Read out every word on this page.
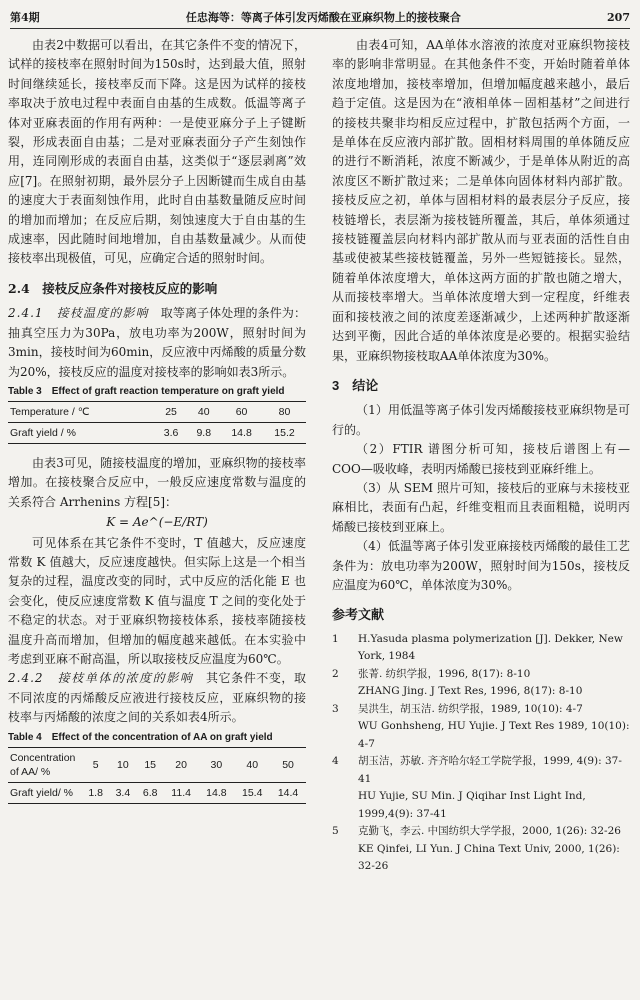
第4期	任忠海等：等离子体引发丙烯酸在亚麻织物上的接枝聚合	207

由表2中数据可以看出，在其它条件不变的情况下，试样的接枝率在照射时间为150s时，达到最大值，照射时间继续延长，接枝率反而下降。这是因为试样的接枝率取决于放电过程中表面自由基的生成数。低温等离子体对亚麻表面的作用有两种：一是使亚麻分子上子键断裂，形成表面自由基；二是对亚麻表面分子产生刻蚀作用，连同刚形成的表面自由基，这类似于“逐层剥离”效应[7]。在照射初期，最外层分子上因断键而生成自由基的速度大于表面刻蚀作用，此时自由基数量随反应时间的增加而增加；在反应后期，刻蚀速度大于自由基的生成速率，因此随时间地增加，自由基数量减少。从而使接枝率出现极值，可见，应确定合适的照射时间。

2.4　接枝反应条件对接枝反应的影响

2.4.1　接枝温度的影响　取等离子体处理的条件为：抽真空压力为30Pa，放电功率为200W，照射时间为3min，接枝时间为60min，反应液中丙烯酸的质量分数为20%，接枝反应的温度对接枝率的影响如表3所示。

Table 3　Effect of graft reaction temperature on graft yield
Temperature / ℃	25	40	60	80
Graft yield / %	3.6	9.8	14.8	15.2

由表3可见，随接枝温度的增加，亚麻织物的接枝率增加。在接枝聚合反应中，一般反应速度常数与温度的关系符合 Arrhenins 方程[5]：

K = Ae^(−E/RT)

可见体系在其它条件不变时，T 值越大，反应速度常数 K 值越大，反应速度越快。但实际上这是一个相当复杂的过程，温度改变的同时，式中反应的活化能 E 也会变化，使反应速度常数 K 值与温度 T 之间的变化处于不稳定的状态。对于亚麻织物接枝体系，接枝率随接枝温度升高而增加，但增加的幅度越来越低。在本实验中考虑到亚麻不耐高温，所以取接枝反应温度为60℃。

2.4.2　接枝单体的浓度的影响　其它条件不变，取不同浓度的丙烯酸反应液进行接枝反应，亚麻织物的接枝率与丙烯酸的浓度之间的关系如表4所示。

Table 4　Effect of the concentration of AA on graft yield
Concentration of AA/ %	5	10	15	20	30	40	50
Graft yield/ %	1.8	3.4	6.8	11.4	14.8	15.4	14.4

由表4可知，AA单体水溶液的浓度对亚麻织物接枝率的影响非常明显。在其他条件不变，开始时随着单体浓度地增加，接枝率增加，但增加幅度越来越小，最后趋于定值。这是因为在“液相单体－固相基材”之间进行的接枝共聚非均相反应过程中，扩散包括两个方面，一是单体在反应液内部扩散。固相材料周围的单体随反应的进行不断消耗，浓度不断减少，于是单体从附近的高浓度区不断扩散过来；二是单体向固体材料内部扩散。接枝反应之初，单体与固相材料的最表层分子反应，接枝链增长，表层渐为接枝链所覆盖，其后，单体须通过接枝链覆盖层向材料内部扩散从而与亚表面的活性自由基或使被某些接枝链覆盖，另外一些短链接长。显然，随着单体浓度增大，单体这两方面的扩散也随之增大，从而接枝率增大。当单体浓度增大到一定程度，纤维表面和接枝液之间的浓度差逐渐减少，上述两种扩散逐渐达到平衡，因此合适的单体浓度是必要的。根据实验结果，亚麻织物接枝取AA单体浓度为30%。

3　结论

（1）用低温等离子体引发丙烯酸接枝亚麻织物是可行的。

（2）FTIR 谱图分析可知，接枝后谱图上有—COO—吸收峰，表明丙烯酸已接枝到亚麻纤维上。

（3）从 SEM 照片可知，接枝后的亚麻与未接枝亚麻相比，表面有凸起，纤维变粗而且表面粗糙，说明丙烯酸已接枝到亚麻上。

（4）低温等离子体引发亚麻接枝丙烯酸的最佳工艺条件为：放电功率为200W，照射时间为150s，接枝反应温度为60℃，单体浓度为30%。

参考文献
1	H.Yasuda plasma polymerization [J]. Dekker, New York, 1984
2	张菁. 纺织学报，1996, 8(17): 8-10
ZHANG Jing. J Text Res, 1996, 8(17): 8-10
3	吴洪生，胡玉洁. 纺织学报，1989, 10(10): 4-7
WU Gonhsheng, HU Yujie. J Text Res 1989, 10(10): 4-7
4	胡玉洁，苏敏. 齐齐哈尔轻工学院学报，1999, 4(9): 37-41
HU Yujie, SU Min. J Qiqihar Inst Light Ind, 1999,4(9): 37-41
5	克勤飞，李云. 中国纺织大学学报，2000, 1(26): 32-26
KE Qinfei, LI Yun. J China Text Univ, 2000, 1(26): 32-26
